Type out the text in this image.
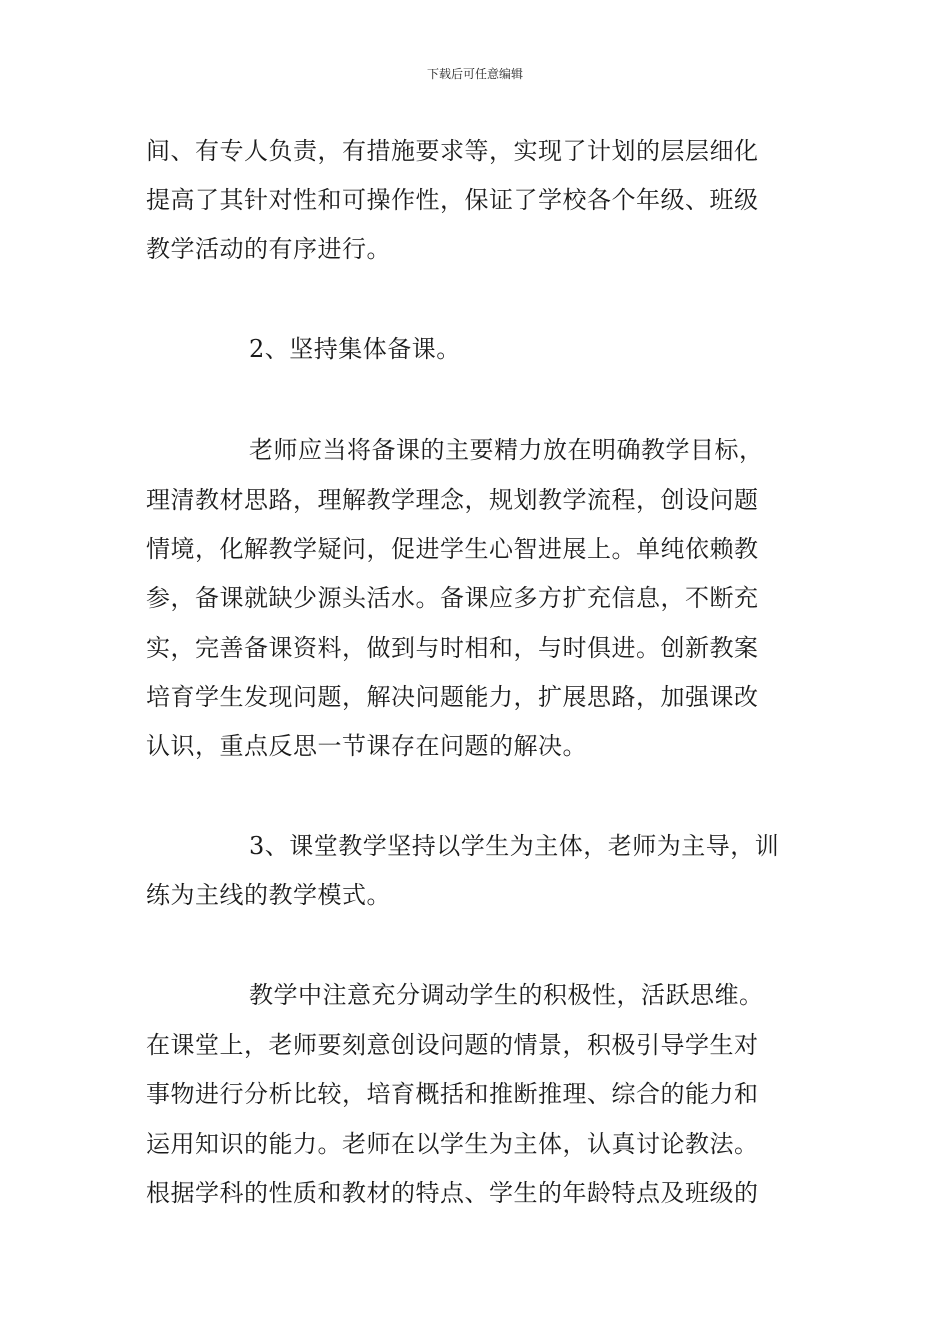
下载后可任意编辑
间、有专人负责，有措施要求等，实现了计划的层层细化
提高了其针对性和可操作性，保证了学校各个年级、班级
教学活动的有序进行。
2、坚持集体备课。
老师应当将备课的主要精力放在明确教学目标，
理清教材思路，理解教学理念，规划教学流程，创设问题
情境，化解教学疑问，促进学生心智进展上。单纯依赖教
参，备课就缺少源头活水。备课应多方扩充信息，不断充
实，完善备课资料，做到与时相和，与时俱进。创新教案
培育学生发现问题，解决问题能力，扩展思路，加强课改
认识，重点反思一节课存在问题的解决。
3、课堂教学坚持以学生为主体，老师为主导，训
练为主线的教学模式。
教学中注意充分调动学生的积极性，活跃思维。
在课堂上，老师要刻意创设问题的情景，积极引导学生对
事物进行分析比较，培育概括和推断推理、综合的能力和
运用知识的能力。老师在以学生为主体，认真讨论教法。
根据学科的性质和教材的特点、学生的年龄特点及班级的
